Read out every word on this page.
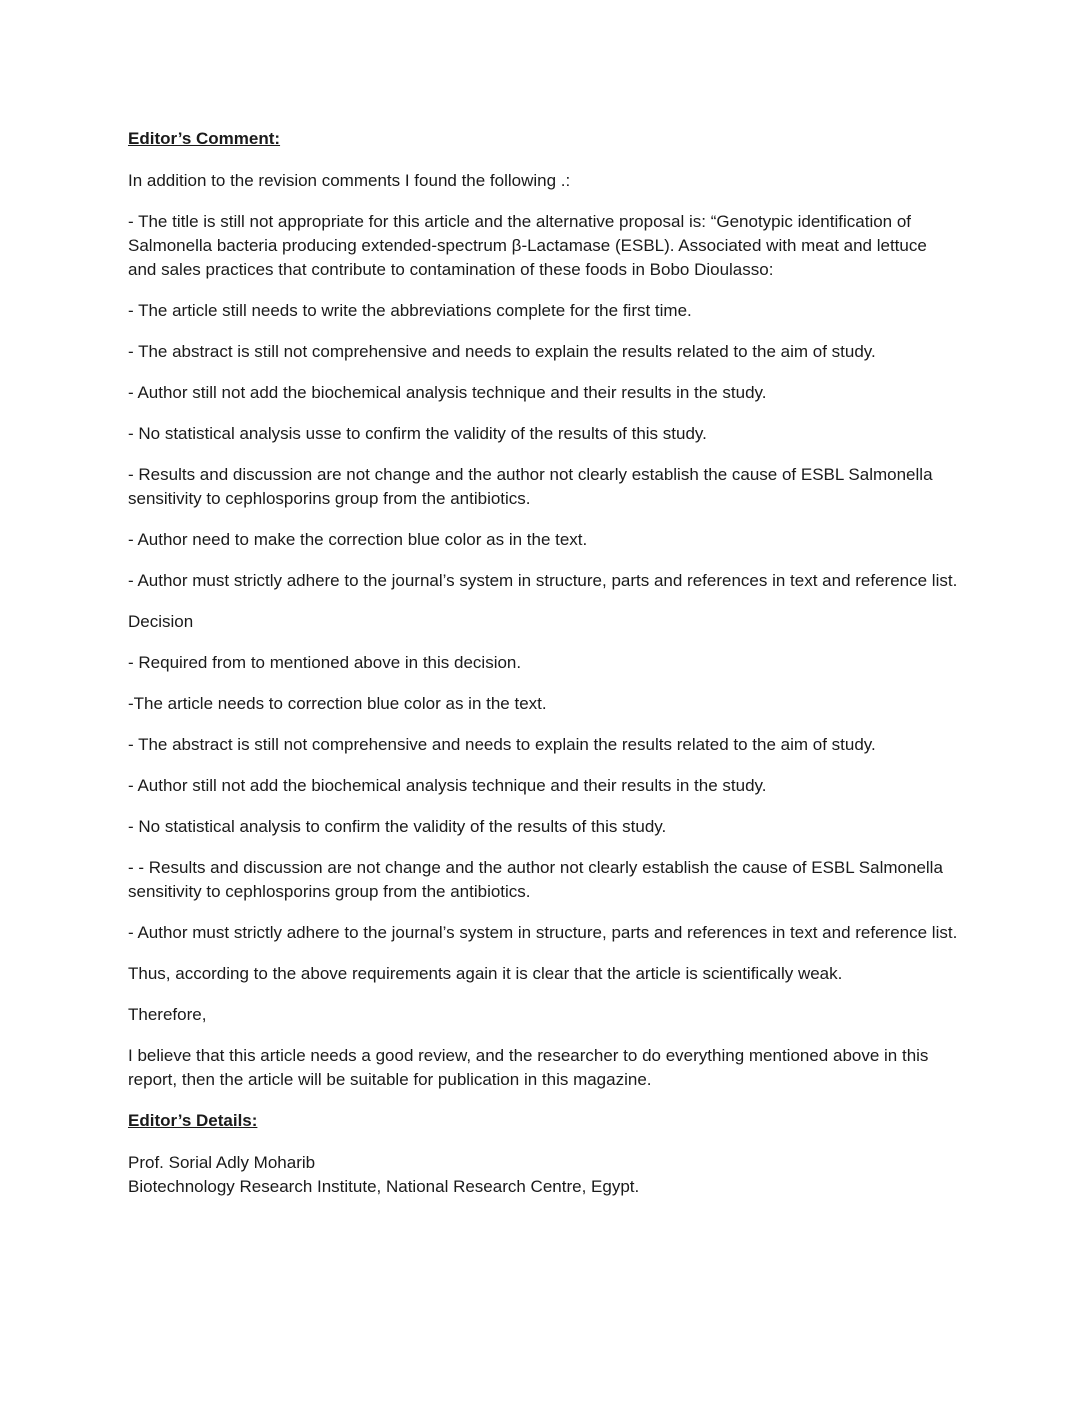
Editor’s Comment:
In addition to the revision comments I found the following .:
- The title is still not appropriate for this article and the alternative proposal is: “Genotypic identification of Salmonella bacteria producing extended-spectrum β-Lactamase (ESBL). Associated with meat and lettuce and sales practices that contribute to contamination of these foods in Bobo Dioulasso:
- The article still needs to write the abbreviations complete for the first time.
- The abstract is still not comprehensive and needs to explain the results related to the aim of study.
- Author still not add the biochemical analysis technique and their results in the study.
- No statistical analysis usse to confirm the validity of the results of this study.
- Results and discussion are not change and the author not clearly establish the cause of ESBL Salmonella sensitivity to cephlosporins group from the antibiotics.
- Author need to make the correction blue color as in the text.
- Author must strictly adhere to the journal’s system in structure, parts and references in text and reference list.
Decision
- Required from to mentioned above in this decision.
-The article needs to correction blue color as in the text.
- The abstract is still not comprehensive and needs to explain the results related to the aim of study.
- Author still not add the biochemical analysis technique and their results in the study.
- No statistical analysis to confirm the validity of the results of this study.
- - Results and discussion are not change and the author not clearly establish the cause of ESBL Salmonella sensitivity to cephlosporins group from the antibiotics.
- Author must strictly adhere to the journal’s system in structure, parts and references in text and reference list.
Thus, according to the above requirements again it is clear that the article is scientifically weak.
Therefore,
I believe that this article needs a good review, and the researcher to do everything mentioned above in this report, then the article will be suitable for publication in this magazine.
Editor’s Details:
Prof. Sorial Adly Moharib
Biotechnology Research Institute, National Research Centre, Egypt.
